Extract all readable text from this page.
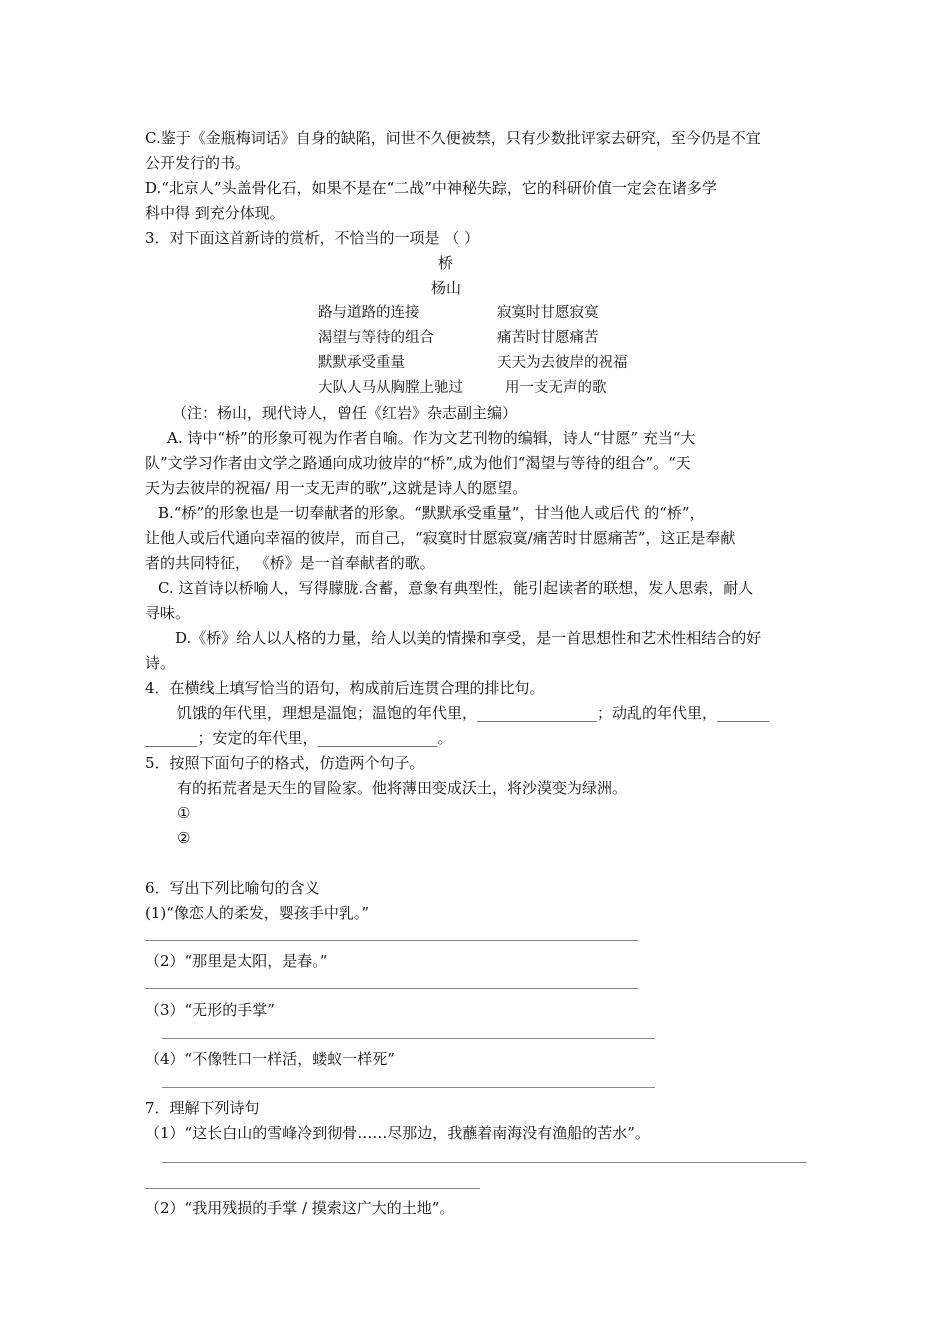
C.鉴于《金瓶梅词话》自身的缺陷，问世不久便被禁，只有少数批评家去研究，至今仍是不宜
公开发行的书。
D.“北京人”头盖骨化石，如果不是在“二战”中神秘失踪，它的科研价值一定会在诸多学
科中得 到充分体现。
3．对下面这首新诗的赏析，不恰当的一项是 （ ）
桥
杨山
路与道路的连接
渴望与等待的组合
默默承受重量
大队人马从胸膛上驰过
寂寞时甘愿寂寞
痛苦时甘愿痛苦
天天为去彼岸的祝福
用一支无声的歌
（注：杨山，现代诗人，曾任《红岩》杂志副主编）
A. 诗中“桥”的形象可视为作者自喻。作为文艺刊物的编辑，诗人“甘愿” 充当“大
队”文学习作者由文学之路通向成功彼岸的“桥”,成为他们“渴望与等待的组合”。“天
天为去彼岸的祝福/ 用一支无声的歌”,这就是诗人的愿望。
B.“桥”的形象也是一切奉献者的形象。“默默承受重量”，甘当他人或后代 的“桥”，
让他人或后代通向幸福的彼岸，而自己，“寂寞时甘愿寂寞/痛苦时甘愿痛苦”，这正是奉献
者的共同特征， 《桥》是一首奉献者的歌。
C. 这首诗以桥喻人，写得朦胧.含蓄，意象有典型性，能引起读者的联想，发人思索，耐人
寻味。
D.《桥》给人以人格的力量，给人以美的情操和享受，是一首思想性和艺术性相结合的好
诗。
4．在横线上填写恰当的语句，构成前后连贯合理的排比句。
饥饿的年代里，理想是温饱；温饱的年代里，________________；动乱的年代里，_______
_______；安定的年代里，________________。
5．按照下面句子的格式，仿造两个句子。
有的拓荒者是天生的冒险家。他将薄田变成沃土，将沙漠变为绿洲。
①
②
6．写出下列比喻句的含义
(1)“像恋人的柔发，婴孩手中乳。”
（2）“那里是太阳，是春。”
（3）“无形的手掌”
（4）“不像牲口一样活，蝼蚁一样死”
7．理解下列诗句
（1）“这长白山的雪峰冷到彻骨……尽那边，我蘸着南海没有渔船的苦水”。
（2）“我用残损的手掌 / 摸索这广大的土地”。
